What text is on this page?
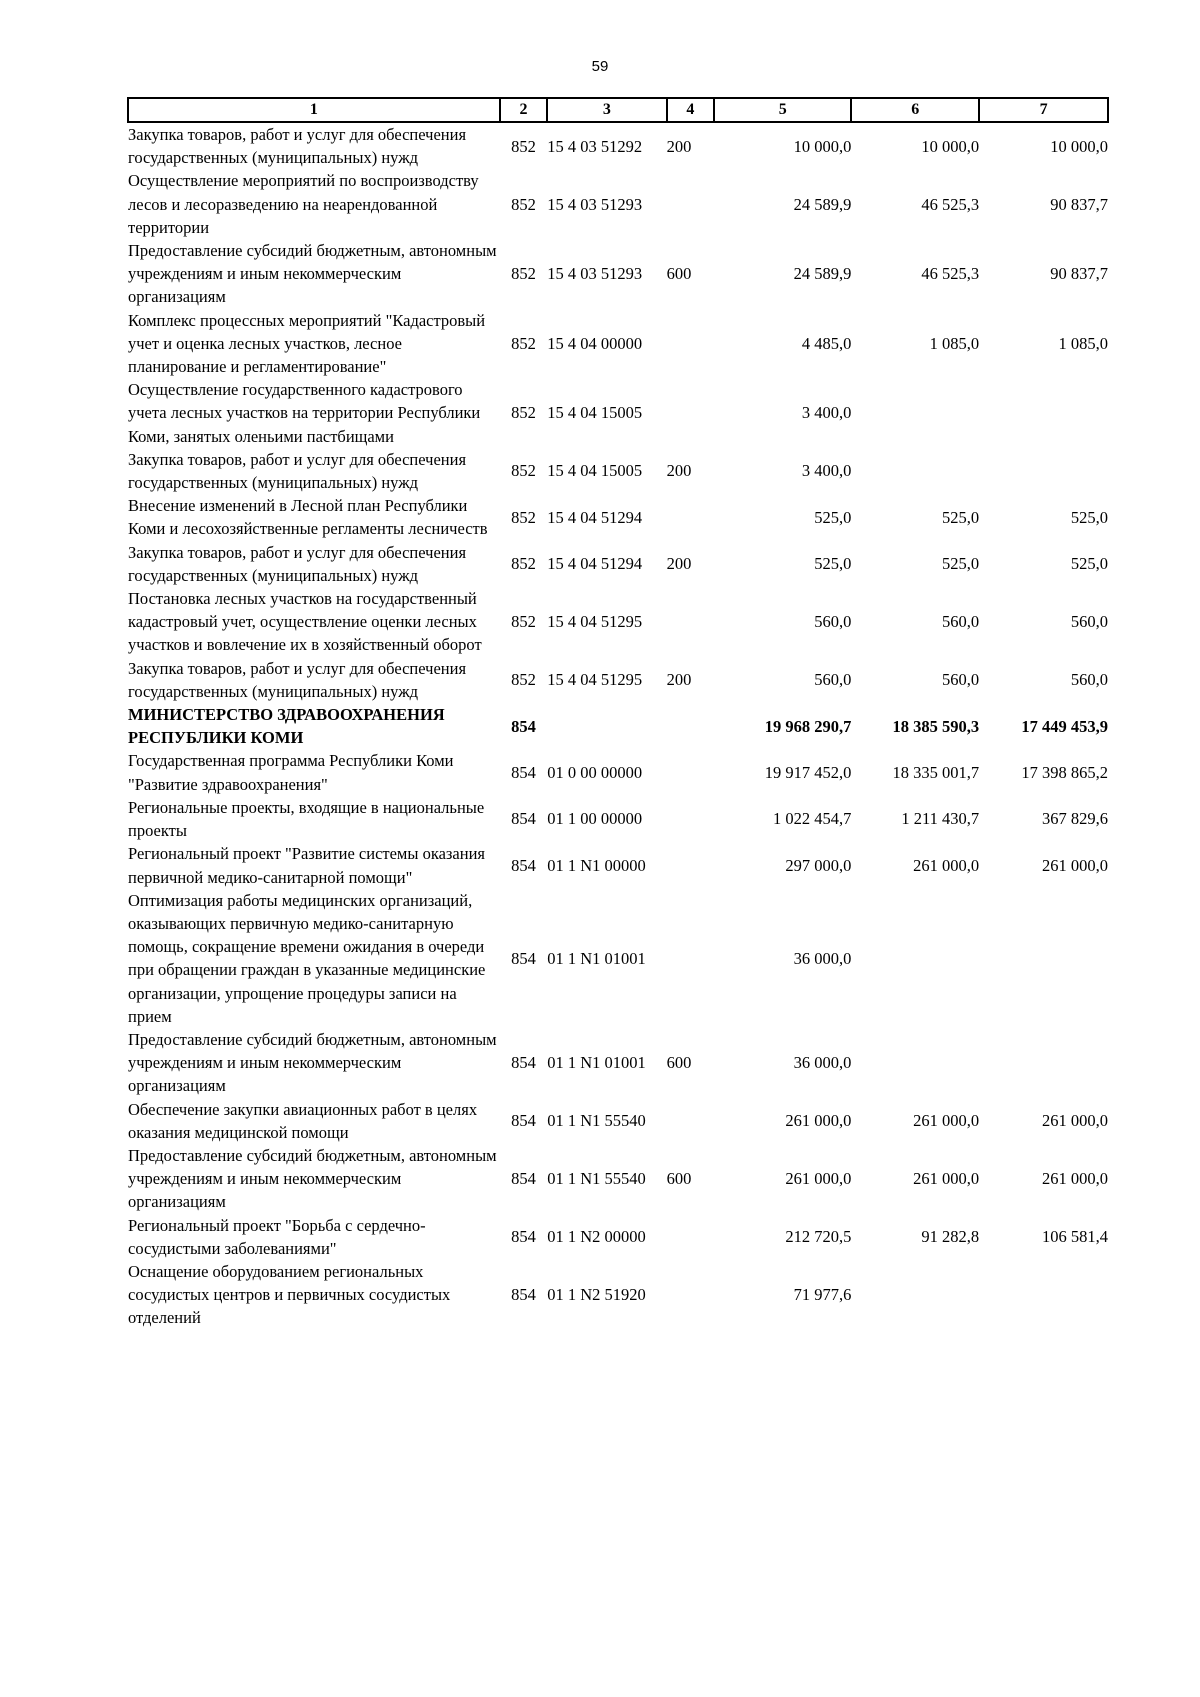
59
1	2	3	4	5	6	7
Закупка товаров, работ и услуг для обеспечения государственных (муниципальных) нужд	852	15 4 03 51292	200	10 000,0	10 000,0	10 000,0
Осуществление мероприятий по воспроизводству лесов и лесоразведению на неарендованной территории	852	15 4 03 51293		24 589,9	46 525,3	90 837,7
Предоставление субсидий бюджетным, автономным учреждениям и иным некоммерческим организациям	852	15 4 03 51293	600	24 589,9	46 525,3	90 837,7
Комплекс процессных мероприятий "Кадастровый учет и оценка лесных участков, лесное планирование и регламентирование"	852	15 4 04 00000		4 485,0	1 085,0	1 085,0
Осуществление государственного кадастрового учета лесных участков на территории Республики Коми, занятых оленьими пастбищами	852	15 4 04 15005		3 400,0		
Закупка товаров, работ и услуг для обеспечения государственных (муниципальных) нужд	852	15 4 04 15005	200	3 400,0		
Внесение изменений в Лесной план Республики Коми и лесохозяйственные регламенты лесничеств	852	15 4 04 51294		525,0	525,0	525,0
Закупка товаров, работ и услуг для обеспечения государственных (муниципальных) нужд	852	15 4 04 51294	200	525,0	525,0	525,0
Постановка лесных участков на государственный кадастровый учет, осуществление оценки лесных участков и вовлечение их в хозяйственный оборот	852	15 4 04 51295		560,0	560,0	560,0
Закупка товаров, работ и услуг для обеспечения государственных (муниципальных) нужд	852	15 4 04 51295	200	560,0	560,0	560,0
МИНИСТЕРСТВО ЗДРАВООХРАНЕНИЯ РЕСПУБЛИКИ КОМИ	854			19 968 290,7	18 385 590,3	17 449 453,9
Государственная программа Республики Коми "Развитие здравоохранения"	854	01 0 00 00000		19 917 452,0	18 335 001,7	17 398 865,2
Региональные проекты, входящие в национальные проекты	854	01 1 00 00000		1 022 454,7	1 211 430,7	367 829,6
Региональный проект "Развитие системы оказания первичной медико-санитарной помощи"	854	01 1 N1 00000		297 000,0	261 000,0	261 000,0
Оптимизация работы медицинских организаций, оказывающих первичную медико-санитарную помощь, сокращение времени ожидания в очереди при обращении граждан в указанные медицинские организации, упрощение процедуры записи на прием	854	01 1 N1 01001		36 000,0		
Предоставление субсидий бюджетным, автономным учреждениям и иным некоммерческим организациям	854	01 1 N1 01001	600	36 000,0		
Обеспечение закупки авиационных работ в целях оказания медицинской помощи	854	01 1 N1 55540		261 000,0	261 000,0	261 000,0
Предоставление субсидий бюджетным, автономным учреждениям и иным некоммерческим организациям	854	01 1 N1 55540	600	261 000,0	261 000,0	261 000,0
Региональный проект "Борьба с сердечно-сосудистыми заболеваниями"	854	01 1 N2 00000		212 720,5	91 282,8	106 581,4
Оснащение оборудованием региональных сосудистых центров и первичных сосудистых отделений	854	01 1 N2 51920		71 977,6		
